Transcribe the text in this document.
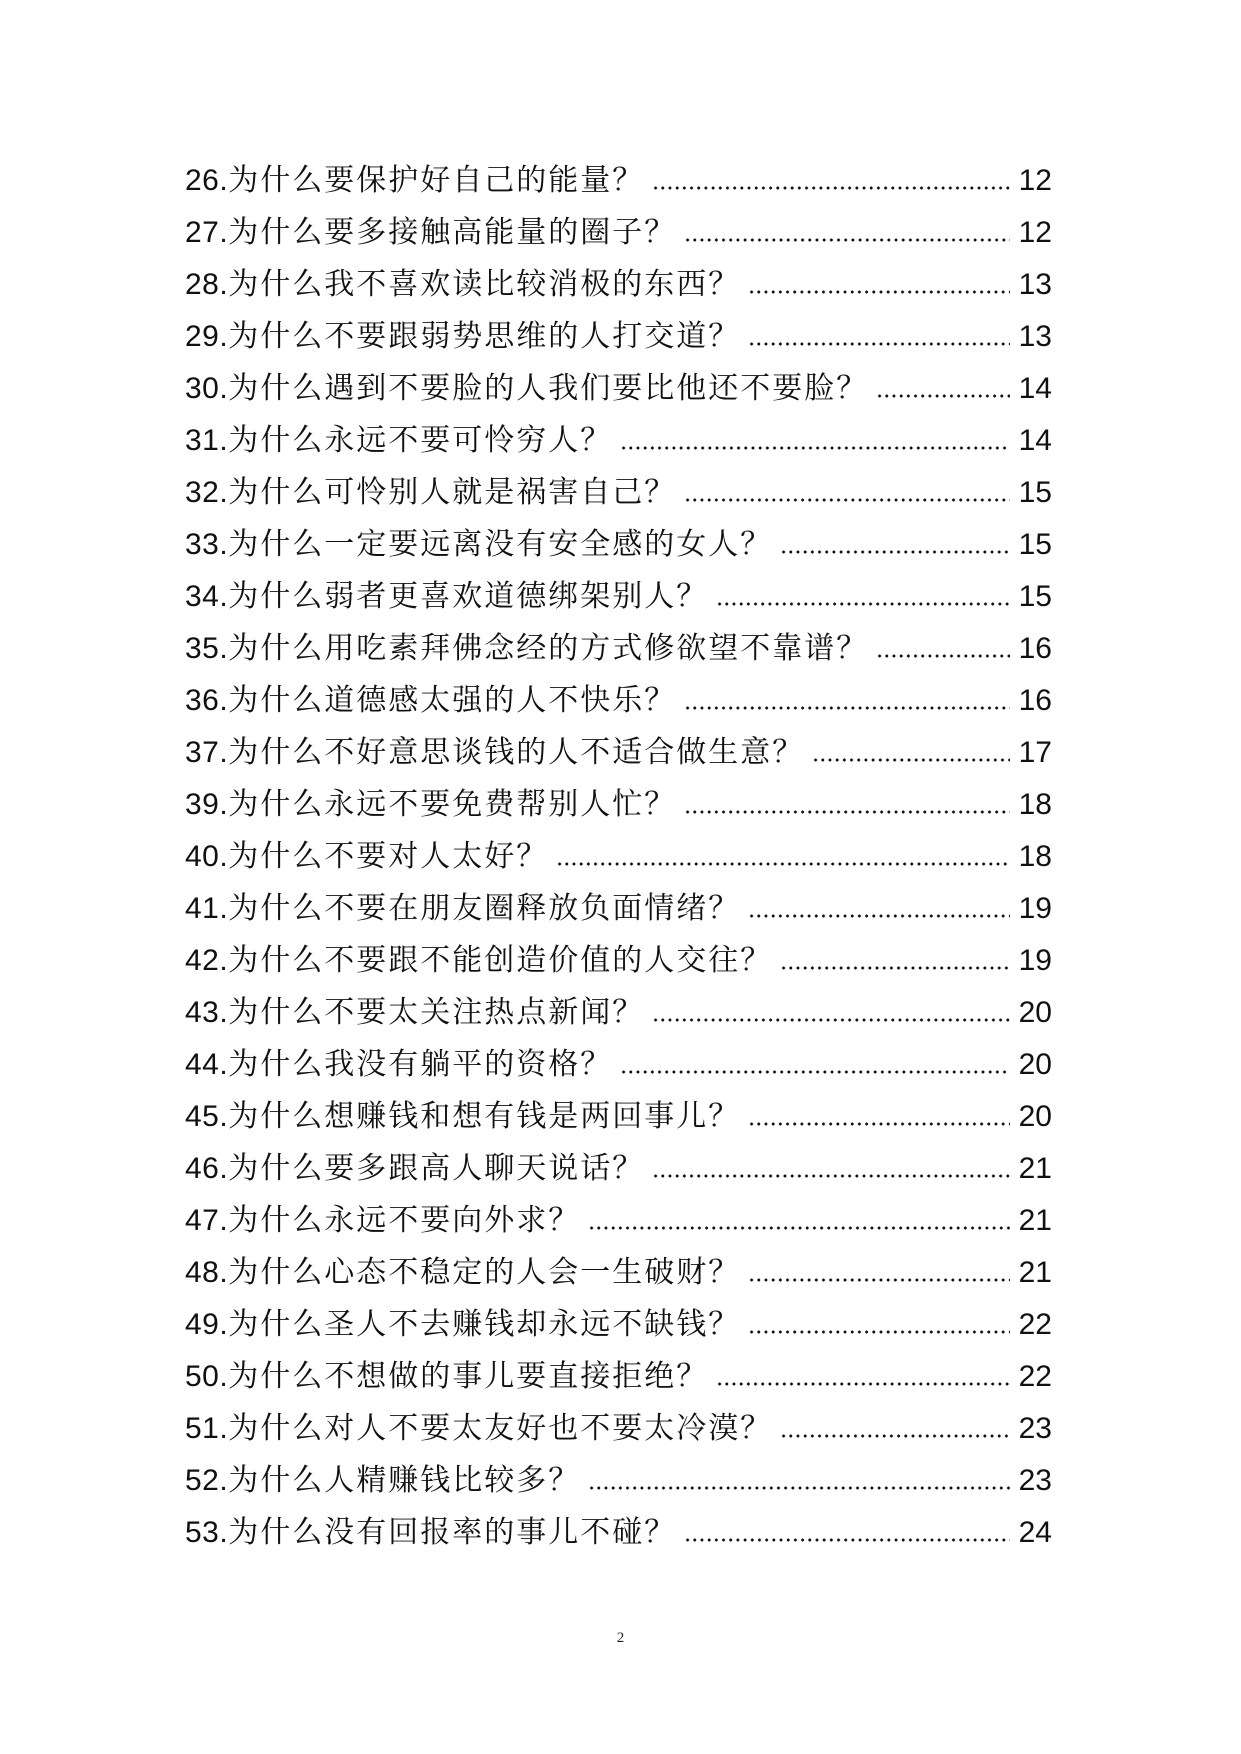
26. 为什么要保护好自己的能量？	12
27. 为什么要多接触高能量的圈子？	12
28. 为什么我不喜欢读比较消极的东西？	13
29. 为什么不要跟弱势思维的人打交道？	13
30. 为什么遇到不要脸的人我们要比他还不要脸？	14
31. 为什么永远不要可怜穷人？	14
32. 为什么可怜别人就是祸害自己？	15
33. 为什么一定要远离没有安全感的女人？	15
34. 为什么弱者更喜欢道德绑架别人？	15
35. 为什么用吃素拜佛念经的方式修欲望不靠谱？	16
36. 为什么道德感太强的人不快乐？	16
37. 为什么不好意思谈钱的人不适合做生意？	17
39. 为什么永远不要免费帮别人忙？	18
40. 为什么不要对人太好？	18
41. 为什么不要在朋友圈释放负面情绪？	19
42. 为什么不要跟不能创造价值的人交往？	19
43. 为什么不要太关注热点新闻？	20
44. 为什么我没有躺平的资格？	20
45. 为什么想赚钱和想有钱是两回事儿？	20
46. 为什么要多跟高人聊天说话？	21
47. 为什么永远不要向外求？	21
48. 为什么心态不稳定的人会一生破财？	21
49. 为什么圣人不去赚钱却永远不缺钱？	22
50. 为什么不想做的事儿要直接拒绝？	22
51. 为什么对人不要太友好也不要太冷漠？	23
52. 为什么人精赚钱比较多？	23
53. 为什么没有回报率的事儿不碰？	24
2
